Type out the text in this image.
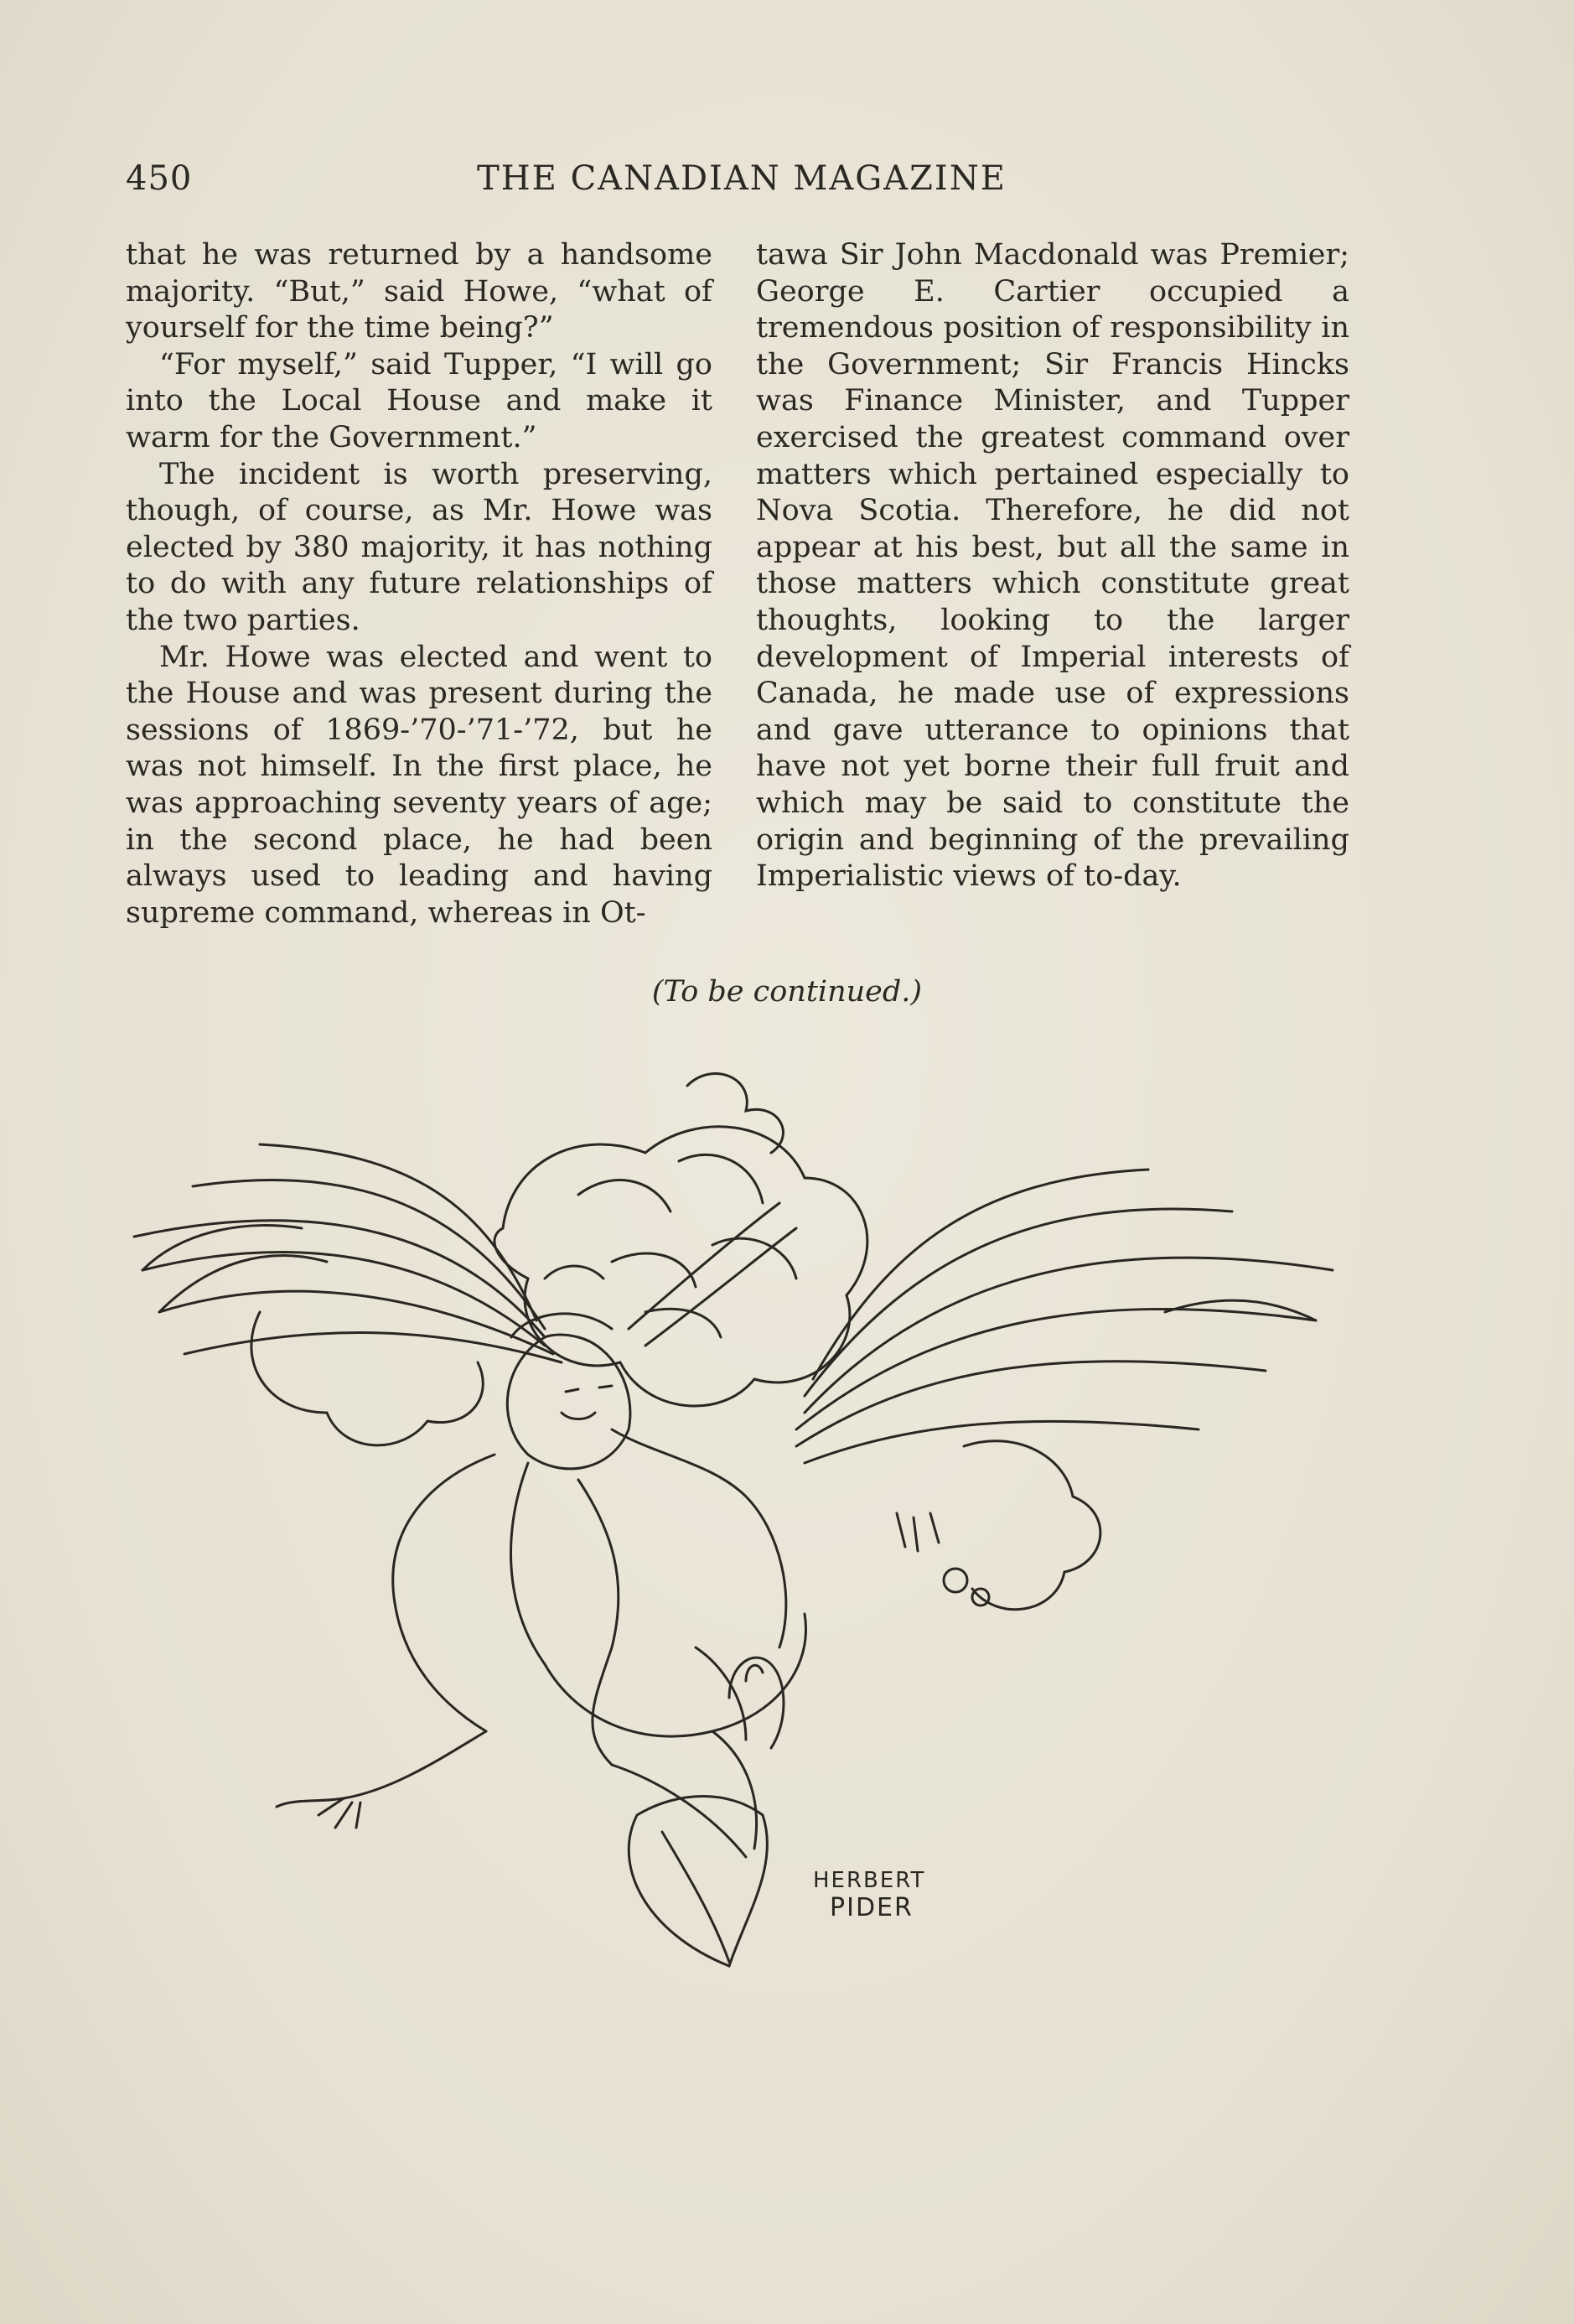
450	THE CANADIAN MAGAZINE

that he was returned by a handsome majority. “But,” said Howe, “what of yourself for the time being?”

“For myself,” said Tupper, “I will go into the Local House and make it warm for the Government.”

The incident is worth preserving, though, of course, as Mr. Howe was elected by 380 majority, it has nothing to do with any future relationships of the two parties.

Mr. Howe was elected and went to the House and was present during the sessions of 1869-’70-’71-’72, but he was not himself. In the first place, he was approaching seventy years of age; in the second place, he had been always used to leading and having supreme command, whereas in Ot-

tawa Sir John Macdonald was Premier; George E. Cartier occupied a tremendous position of responsibility in the Government; Sir Francis Hincks was Finance Minister, and Tupper exercised the greatest command over matters which pertained especially to Nova Scotia. Therefore, he did not appear at his best, but all the same in those matters which constitute great thoughts, looking to the larger development of Imperial interests of Canada, he made use of expressions and gave utterance to opinions that have not yet borne their full fruit and which may be said to constitute the origin and beginning of the prevailing Imperialistic views of to-day.

(To be continued.)
HERBERT
PIDER
